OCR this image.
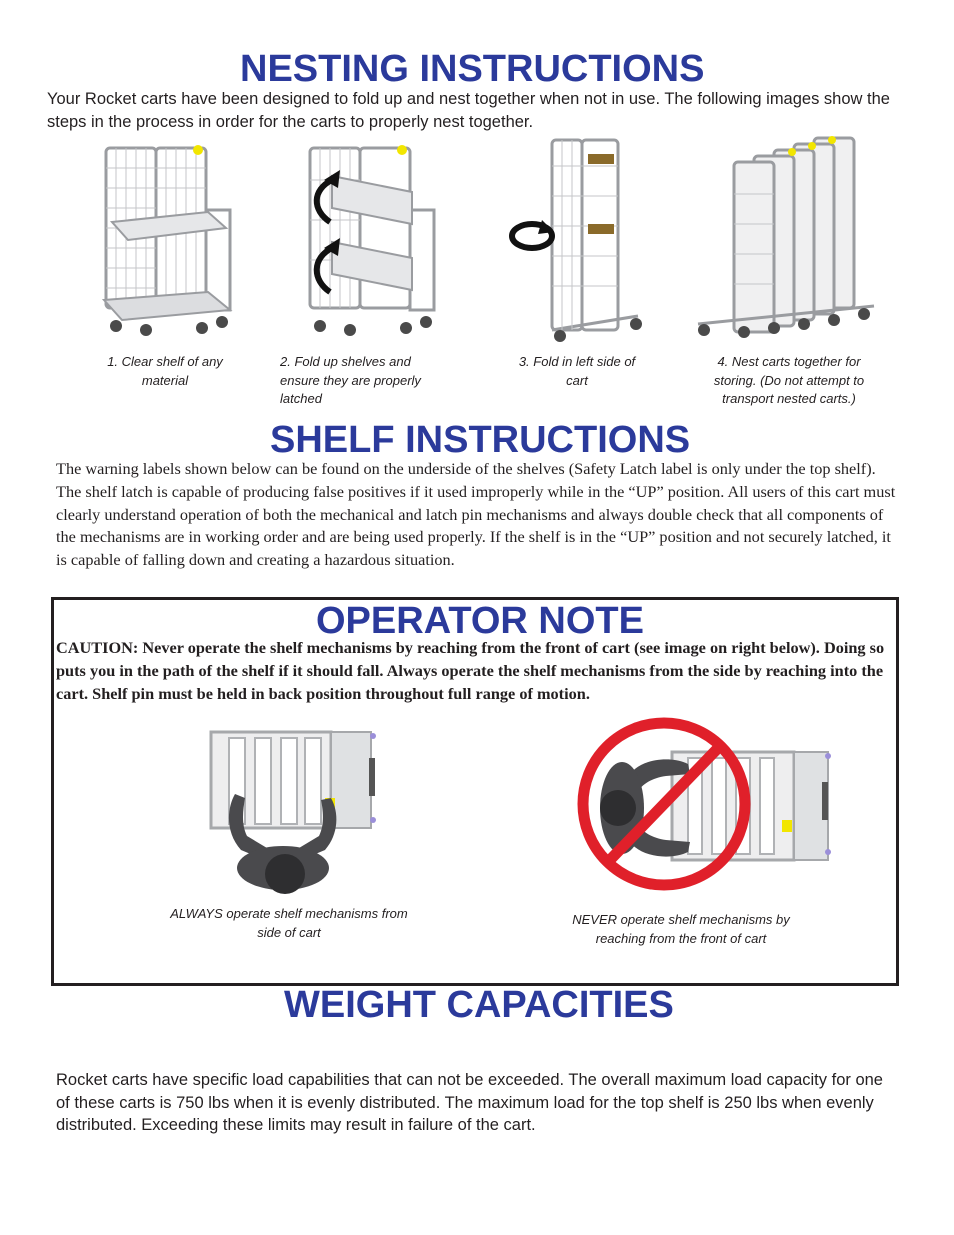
NESTING INSTRUCTIONS
Your Rocket carts have been designed to fold up and nest together when not in use. The following images show the steps in the process in order for the carts to properly nest together.
1. Clear shelf of any material
2. Fold up shelves and ensure they are properly latched
3. Fold in left side of cart
4. Nest carts together for storing. (Do not attempt to transport nested carts.)
SHELF INSTRUCTIONS
The warning labels shown below can be found on the underside of the shelves (Safety Latch label is only under the top shelf). The shelf latch is capable of producing false positives if it used improperly while in the “UP” position. All users of this cart must clearly understand operation of both the mechanical and latch pin mechanisms and always double check that all components of the mechanisms are in working order and are being used properly. If the shelf is in the “UP” position and not securely latched, it is capable of falling down and creating a hazardous situation.
OPERATOR NOTE
CAUTION: Never operate the shelf mechanisms by reaching from the front of cart (see image on right below). Doing so puts you in the path of the shelf if it should fall. Always operate the shelf mechanisms from the side by reaching into the cart. Shelf pin must be held in back position throughout full range of motion.
ALWAYS operate shelf mechanisms from side of cart
NEVER operate shelf mechanisms by reaching from the front of cart
WEIGHT CAPACITIES
Rocket carts have specific load capabilities that can not be exceeded. The overall maximum load capacity for one of these carts is 750 lbs when it is evenly distributed. The maximum load for the top shelf is 250 lbs when evenly distributed. Exceeding these limits may result in failure of the cart.
